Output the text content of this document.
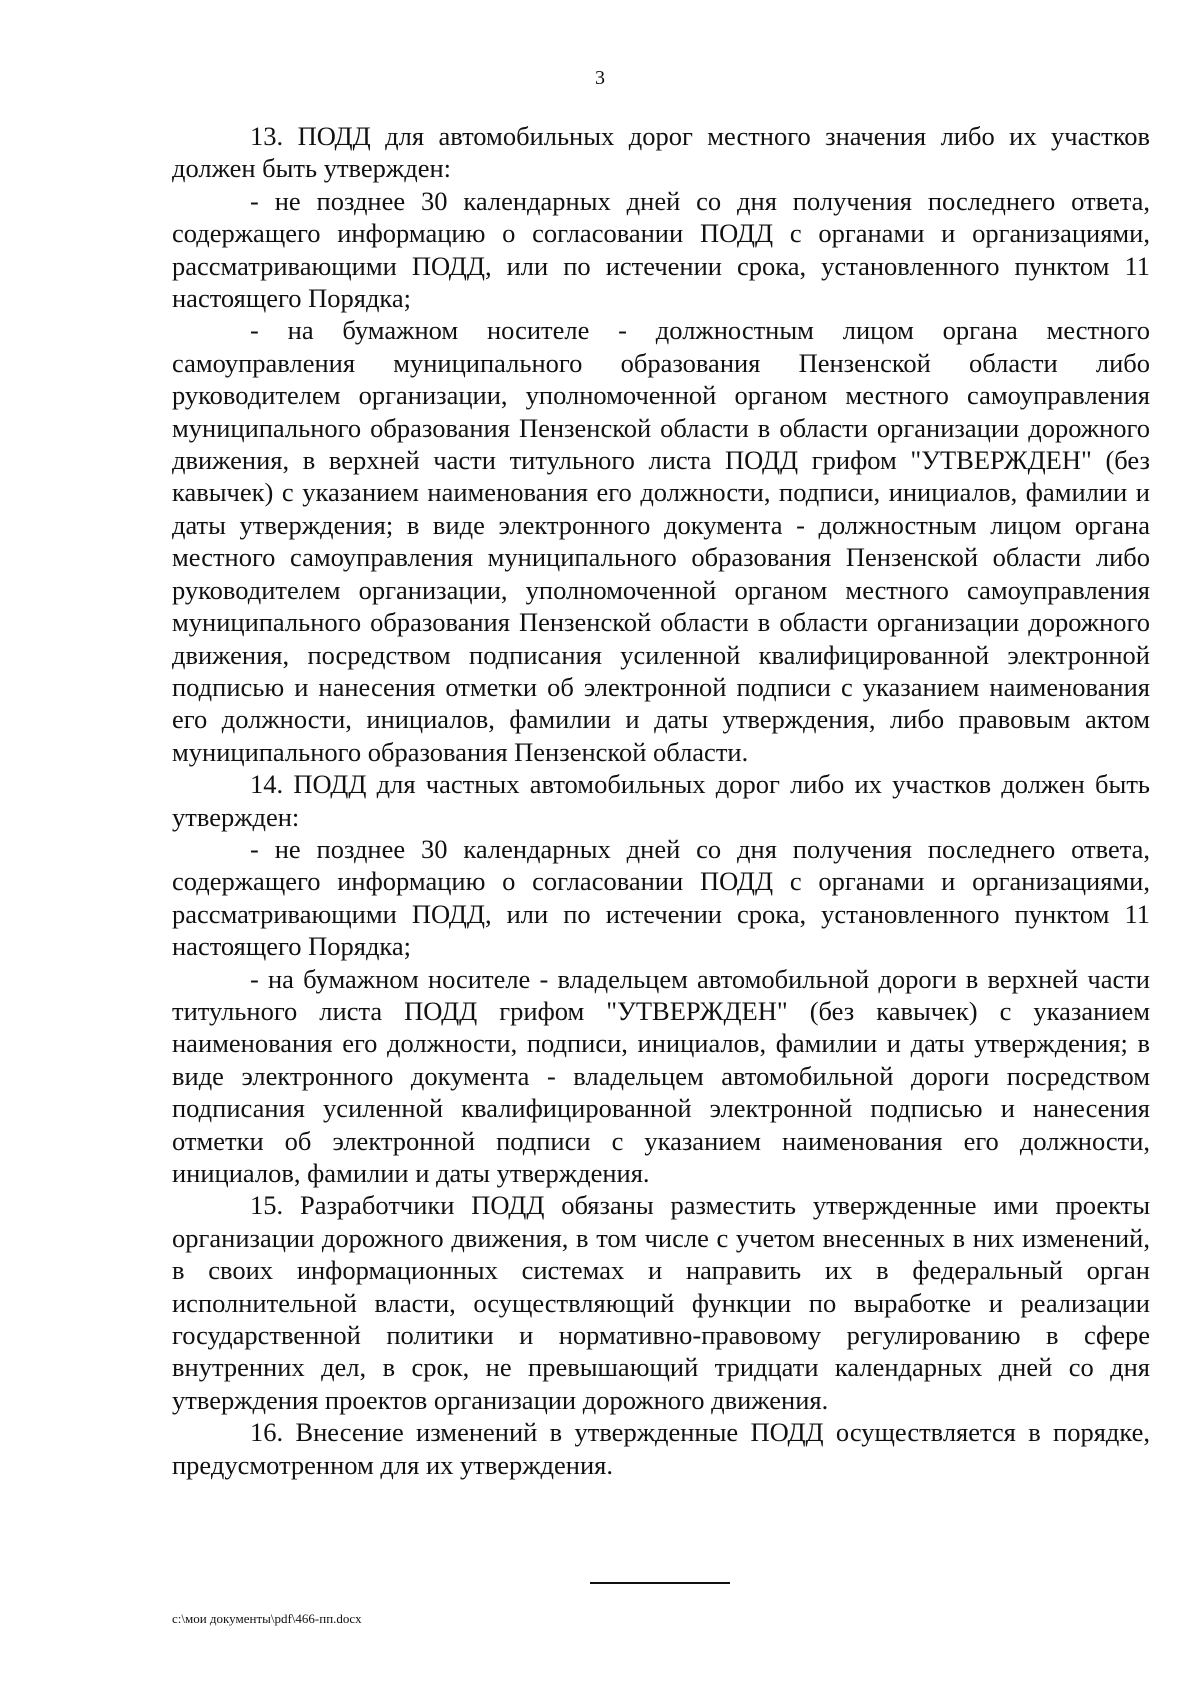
3

13. ПОДД для автомобильных дорог местного значения либо их участков должен быть утвержден:

- не позднее 30 календарных дней со дня получения последнего ответа, содержащего информацию о согласовании ПОДД с органами и организациями, рассматривающими ПОДД, или по истечении срока, установленного пунктом 11 настоящего Порядка;

- на бумажном носителе - должностным лицом органа местного самоуправления муниципального образования Пензенской области либо руководителем организации, уполномоченной органом местного самоуправления муниципального образования Пензенской области в области организации дорожного движения, в верхней части титульного листа ПОДД грифом "УТВЕРЖДЕН" (без кавычек) с указанием наименования его должности, подписи, инициалов, фамилии и даты утверждения; в виде электронного документа - должностным лицом органа местного самоуправления муниципального образования Пензенской области либо руководителем организации, уполномоченной органом местного самоуправления муниципального образования Пензенской области в области организации дорожного движения, посредством подписания усиленной квалифицированной электронной подписью и нанесения отметки об электронной подписи с указанием наименования его должности, инициалов, фамилии и даты утверждения, либо правовым актом муниципального образования Пензенской области.

14. ПОДД для частных автомобильных дорог либо их участков должен быть утвержден:

- не позднее 30 календарных дней со дня получения последнего ответа, содержащего информацию о согласовании ПОДД с органами и организациями, рассматривающими ПОДД, или по истечении срока, установленного пунктом 11 настоящего Порядка;

- на бумажном носителе - владельцем автомобильной дороги в верхней части титульного листа ПОДД грифом "УТВЕРЖДЕН" (без кавычек) с указанием наименования его должности, подписи, инициалов, фамилии и даты утверждения; в виде электронного документа - владельцем автомобильной дороги посредством подписания усиленной квалифицированной электронной подписью и нанесения отметки об электронной подписи с указанием наименования его должности, инициалов, фамилии и даты утверждения.

15. Разработчики ПОДД обязаны разместить утвержденные ими проекты организации дорожного движения, в том числе с учетом внесенных в них изменений, в своих информационных системах и направить их в федеральный орган исполнительной власти, осуществляющий функции по выработке и реализации государственной политики и нормативно-правовому регулированию в сфере внутренних дел, в срок, не превышающий тридцати календарных дней со дня утверждения проектов организации дорожного движения.

16. Внесение изменений в утвержденные ПОДД осуществляется в порядке, предусмотренном для их утверждения.

c:\мои документы\pdf\466-пп.docx
